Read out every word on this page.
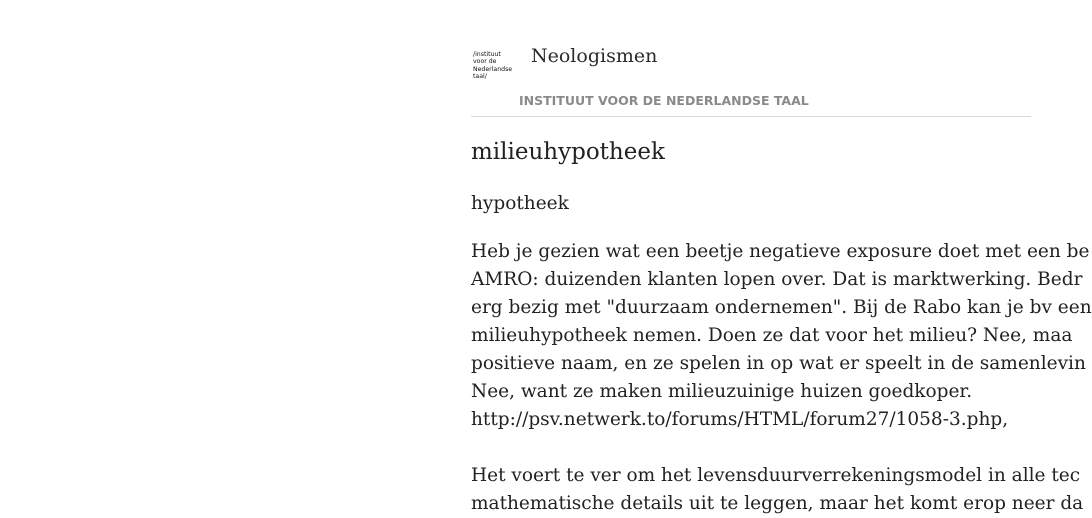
/instituut
voor de
Nederlandse
taal/
Neologismen
INSTITUUT VOOR DE NEDERLANDSE TAAL
milieuhypotheek
hypotheek
Heb je gezien wat een beetje negatieve exposure doet met een be
AMRO: duizenden klanten lopen over. Dat is marktwerking. Bedr
erg bezig met "duurzaam ondernemen". Bij de Rabo kan je bv een
milieuhypotheek nemen. Doen ze dat voor het milieu? Nee, maa
positieve naam, en ze spelen in op wat er speelt in de samenlevin
Nee, want ze maken milieuzuinige huizen goedkoper.
http://psv.netwerk.to/forums/HTML/forum27/1058-3.php,
Het voert te ver om het levensduurverrekeningsmodel in alle tec
mathematische details uit te leggen, maar het komt erop neer da
